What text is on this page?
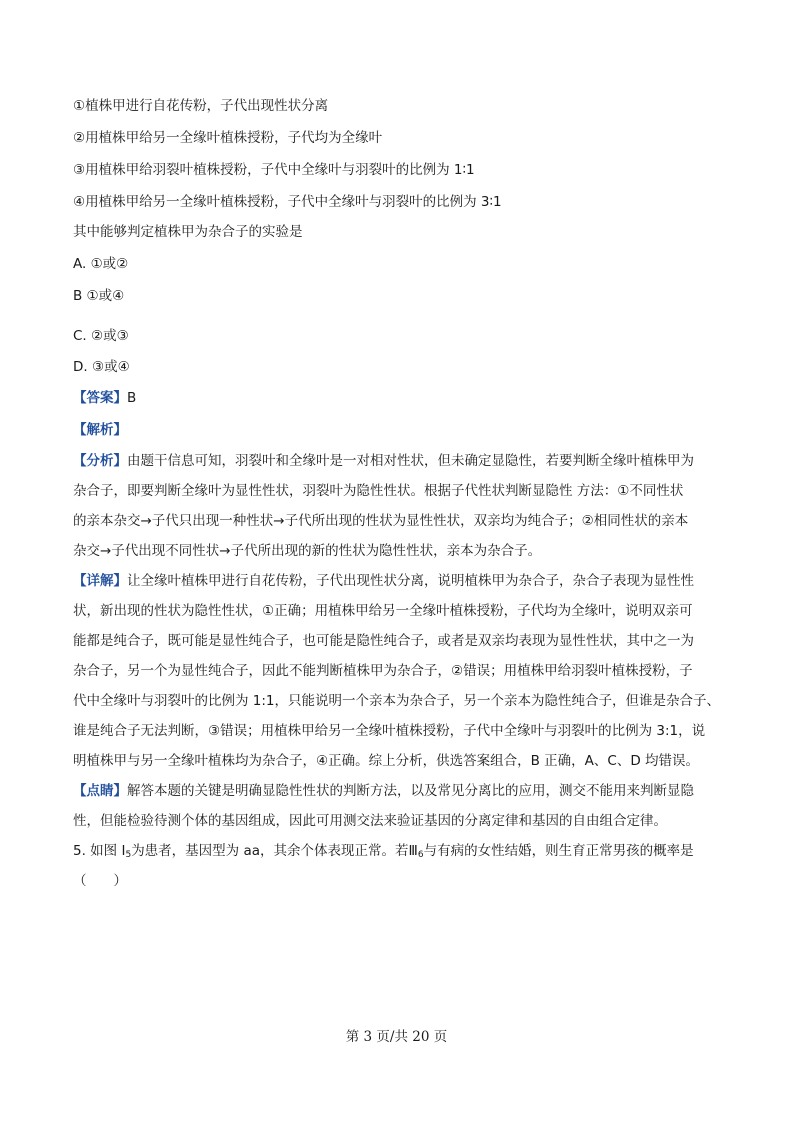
①植株甲进行自花传粉，子代出现性状分离
②用植株甲给另一全缘叶植株授粉，子代均为全缘叶
③用植株甲给羽裂叶植株授粉，子代中全缘叶与羽裂叶的比例为 1∶1
④用植株甲给另一全缘叶植株授粉，子代中全缘叶与羽裂叶的比例为 3∶1
其中能够判定植株甲为杂合子的实验是
A. ①或②
B ①或④
C. ②或③
D. ③或④
【答案】B
【解析】
【分析】由题干信息可知，羽裂叶和全缘叶是一对相对性状，但未确定显隐性，若要判断全缘叶植株甲为
杂合子，即要判断全缘叶为显性性状，羽裂叶为隐性性状。根据子代性状判断显隐性 方法：①不同性状
的亲本杂交→子代只出现一种性状→子代所出现的性状为显性性状，双亲均为纯合子；②相同性状的亲本
杂交→子代出现不同性状→子代所出现的新的性状为隐性性状，亲本为杂合子。
【详解】让全缘叶植株甲进行自花传粉，子代出现性状分离，说明植株甲为杂合子，杂合子表现为显性性
状，新出现的性状为隐性性状，①正确；用植株甲给另一全缘叶植株授粉，子代均为全缘叶，说明双亲可
能都是纯合子，既可能是显性纯合子，也可能是隐性纯合子，或者是双亲均表现为显性性状，其中之一为
杂合子，另一个为显性纯合子，因此不能判断植株甲为杂合子，②错误；用植株甲给羽裂叶植株授粉，子
代中全缘叶与羽裂叶的比例为 1:1，只能说明一个亲本为杂合子，另一个亲本为隐性纯合子，但谁是杂合子、
谁是纯合子无法判断，③错误；用植株甲给另一全缘叶植株授粉，子代中全缘叶与羽裂叶的比例为 3:1，说
明植株甲与另一全缘叶植株均为杂合子，④正确。综上分析，供选答案组合，B 正确，A、C、D 均错误。
【点睛】解答本题的关键是明确显隐性性状的判断方法，以及常见分离比的应用，测交不能用来判断显隐
性，但能检验待测个体的基因组成，因此可用测交法来验证基因的分离定律和基因的自由组合定律。
5. 如图 $I_5$为患者，基因型为 aa，其余个体表现正常。若$Ⅲ_6$与有病的女性结婚，则生育正常男孩的概率是
（　　）
第 3 页/共 20 页
